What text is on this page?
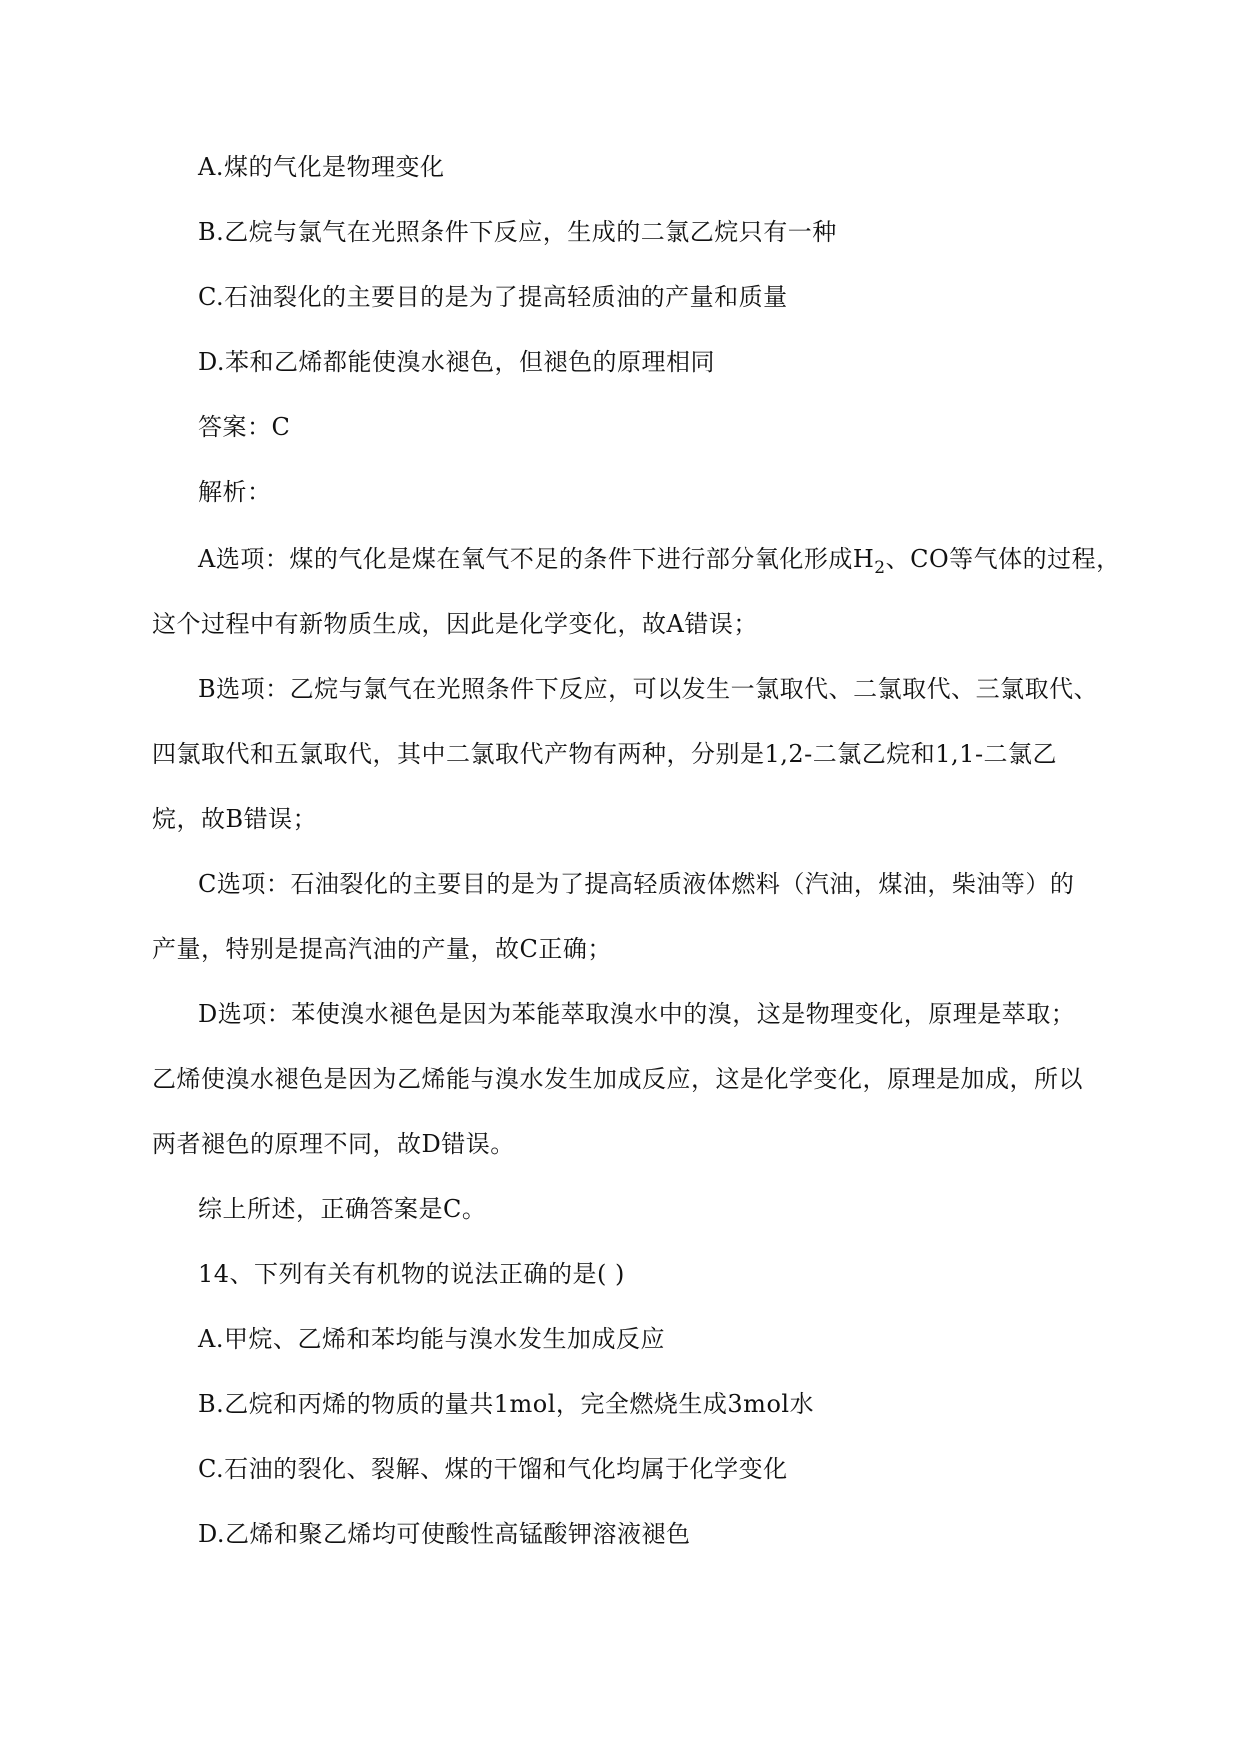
A.煤的气化是物理变化
B.乙烷与氯气在光照条件下反应，生成的二氯乙烷只有一种
C.石油裂化的主要目的是为了提高轻质油的产量和质量
D.苯和乙烯都能使溴水褪色，但褪色的原理相同
答案：C
解析：
A选项：煤的气化是煤在氧气不足的条件下进行部分氧化形成$H_2$、CO等气体的过程，
这个过程中有新物质生成，因此是化学变化，故A错误；
B选项：乙烷与氯气在光照条件下反应，可以发生一氯取代、二氯取代、三氯取代、
四氯取代和五氯取代，其中二氯取代产物有两种，分别是1,2-二氯乙烷和1,1-二氯乙
烷，故B错误；
C选项：石油裂化的主要目的是为了提高轻质液体燃料（汽油，煤油，柴油等）的
产量，特别是提高汽油的产量，故C正确；
D选项：苯使溴水褪色是因为苯能萃取溴水中的溴，这是物理变化，原理是萃取；
乙烯使溴水褪色是因为乙烯能与溴水发生加成反应，这是化学变化，原理是加成，所以
两者褪色的原理不同，故D错误。
综上所述，正确答案是C。
14、下列有关有机物的说法正确的是( )
A.甲烷、乙烯和苯均能与溴水发生加成反应
B.乙烷和丙烯的物质的量共1mol，完全燃烧生成3mol水
C.石油的裂化、裂解、煤的干馏和气化均属于化学变化
D.乙烯和聚乙烯均可使酸性高锰酸钾溶液褪色
